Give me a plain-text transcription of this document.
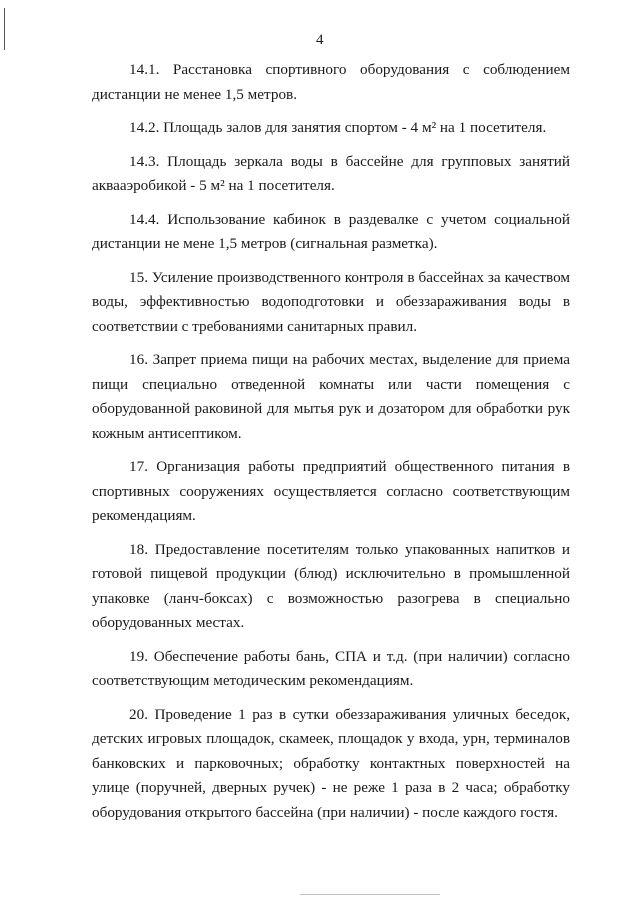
4

14.1. Расстановка спортивного оборудования с соблюдением дистанции не менее 1,5 метров.

14.2. Площадь залов для занятия спортом - 4 м² на 1 посетителя.

14.3. Площадь зеркала воды в бассейне для групповых занятий аквааэробикой - 5 м² на 1 посетителя.

14.4. Использование кабинок в раздевалке с учетом социальной дистанции не мене 1,5 метров (сигнальная разметка).

15. Усиление производственного контроля в бассейнах за качеством воды, эффективностью водоподготовки и обеззараживания воды в соответствии с требованиями санитарных правил.

16. Запрет приема пищи на рабочих местах, выделение для приема пищи специально отведенной комнаты или части помещения с оборудованной раковиной для мытья рук и дозатором для обработки рук кожным антисептиком.

17. Организация работы предприятий общественного питания в спортивных сооружениях осуществляется согласно соответствующим рекомендациям.

18. Предоставление посетителям только упакованных напитков и готовой пищевой продукции (блюд) исключительно в промышленной упаковке (ланч-боксах) с возможностью разогрева в специально оборудованных местах.

19. Обеспечение работы бань, СПА и т.д. (при наличии) согласно соответствующим методическим рекомендациям.

20. Проведение 1 раз в сутки обеззараживания уличных беседок, детских игровых площадок, скамеек, площадок у входа, урн, терминалов банковских и парковочных; обработку контактных поверхностей на улице (поручней, дверных ручек) - не реже 1 раза в 2 часа; обработку оборудования открытого бассейна (при наличии) - после каждого гостя.
